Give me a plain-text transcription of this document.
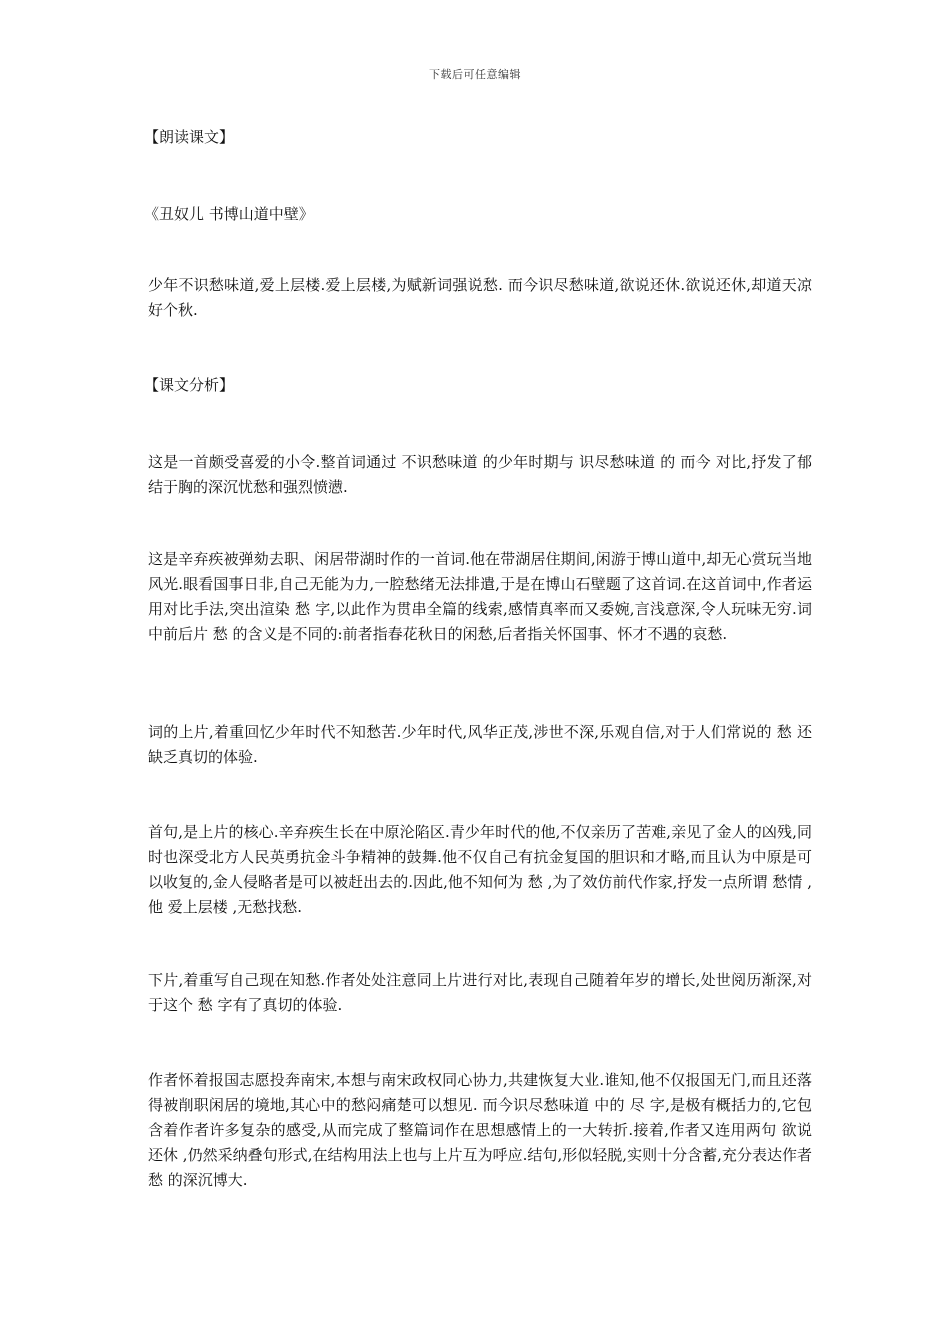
下载后可任意编辑

【朗读课文】

《丑奴儿 书博山道中壁》

少年不识愁味道,爱上层楼.爱上层楼,为赋新词强说愁. 而今识尽愁味道,欲说还休.欲说还休,却道天凉好个秋.

【课文分析】

这是一首颇受喜爱的小令.整首词通过 不识愁味道 的少年时期与 识尽愁味道 的 而今 对比,抒发了郁结于胸的深沉忧愁和强烈愤懑.

这是辛弃疾被弹劾去职、闲居带湖时作的一首词.他在带湖居住期间,闲游于博山道中,却无心赏玩当地风光.眼看国事日非,自己无能为力,一腔愁绪无法排遣,于是在博山石壁题了这首词.在这首词中,作者运用对比手法,突出渲染 愁 字,以此作为贯串全篇的线索,感情真率而又委婉,言浅意深,令人玩味无穷.词中前后片 愁 的含义是不同的:前者指春花秋日的闲愁,后者指关怀国事、怀才不遇的哀愁.

词的上片,着重回忆少年时代不知愁苦.少年时代,风华正茂,涉世不深,乐观自信,对于人们常说的 愁 还缺乏真切的体验.

首句,是上片的核心.辛弃疾生长在中原沦陷区.青少年时代的他,不仅亲历了苦难,亲见了金人的凶残,同时也深受北方人民英勇抗金斗争精神的鼓舞.他不仅自己有抗金复国的胆识和才略,而且认为中原是可以收复的,金人侵略者是可以被赶出去的.因此,他不知何为 愁 ,为了效仿前代作家,抒发一点所谓 愁情 ,他 爱上层楼 ,无愁找愁.

下片,着重写自己现在知愁.作者处处注意同上片进行对比,表现自己随着年岁的增长,处世阅历渐深,对于这个 愁 字有了真切的体验.

作者怀着报国志愿投奔南宋,本想与南宋政权同心协力,共建恢复大业.谁知,他不仅报国无门,而且还落得被削职闲居的境地,其心中的愁闷痛楚可以想见. 而今识尽愁味道 中的 尽 字,是极有概括力的,它包含着作者许多复杂的感受,从而完成了整篇词作在思想感情上的一大转折.接着,作者又连用两句 欲说还休 ,仍然采纳叠句形式,在结构用法上也与上片互为呼应.结句,形似轻脱,实则十分含蓄,充分表达作者 愁 的深沉博大.
